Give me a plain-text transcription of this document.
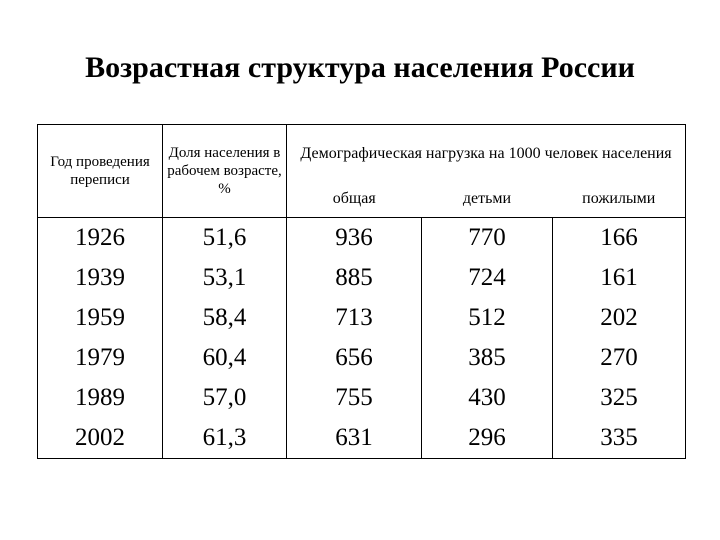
Возрастная структура населения России
Год проведения переписи	Доля населения в рабочем возрасте, %	Демографическая нагрузка на 1000 человек населения		
		общая	детьми	пожилыми
1926	51,6	936	770	166
1939	53,1	885	724	161
1959	58,4	713	512	202
1979	60,4	656	385	270
1989	57,0	755	430	325
2002	61,3	631	296	335
